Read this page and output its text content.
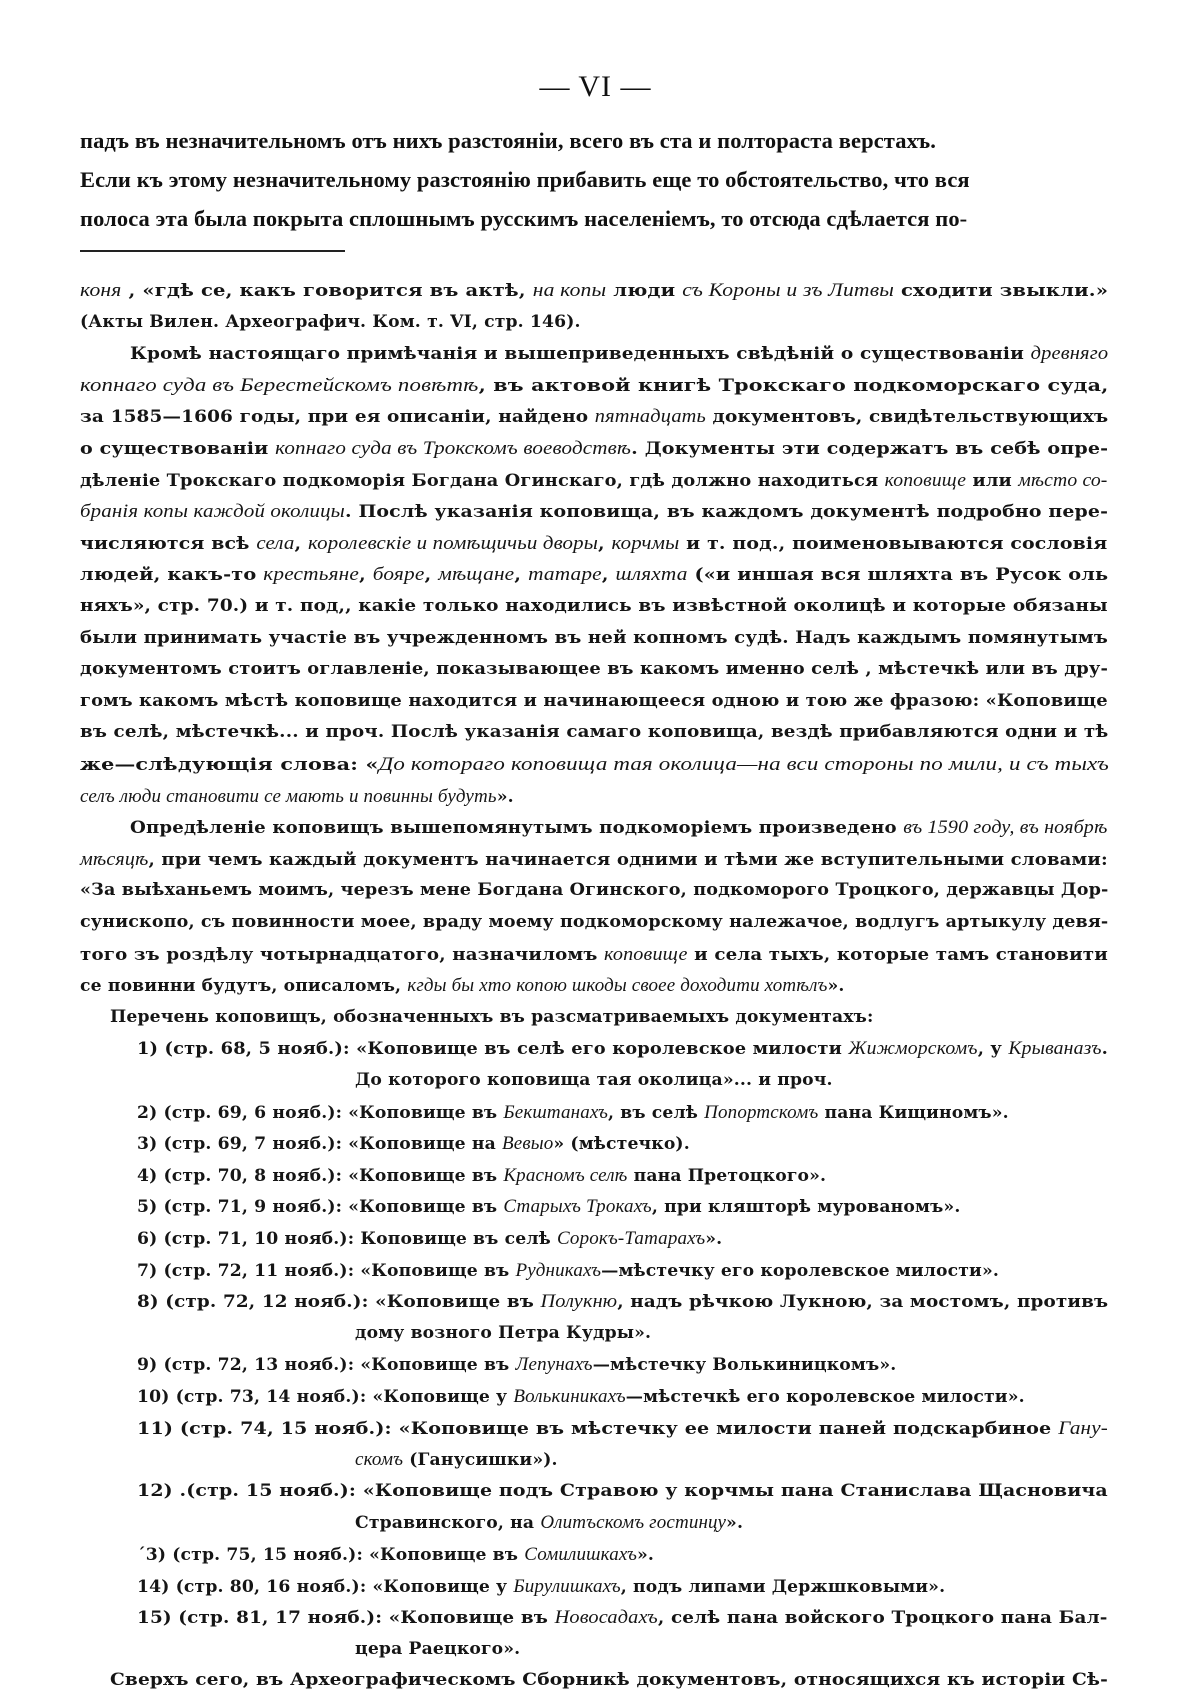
— VI —
падъ въ незначительномъ отъ нихъ разстояніи, всего въ ста и полтораста верстахъ.
Если къ этому незначительному разстоянію прибавить еще то обстоятельство, что вся
полоса эта была покрыта сплошнымъ русскимъ населеніемъ, то отсюда сдѣлается по-
коня , «гдѣ се, какъ говорится въ актѣ, на копы люди съ Короны и зъ Литвы сходити звыкли.»
(Акты Вилен. Археографич. Ком. т. VI, стр. 146).
Кромѣ настоящаго примѣчанія и вышеприведенныхъ свѣдѣній о существованіи древняго
копнаго суда въ Берестейскомъ повѣтѣ, въ актовой книгѣ Трокскаго подкоморскаго суда,
за 1585—1606 годы, при ея описаніи, найдено пятнадцать документовъ, свидѣтельствующихъ
о существованіи копнаго суда въ Трокскомъ воеводствѣ. Документы эти содержатъ въ себѣ опре-
дѣленіе Трокскаго подкоморія Богдана Огинскаго, гдѣ должно находиться коповище или мѣсто со-
бранія копы каждой околицы. Послѣ указанія коповища, въ каждомъ документѣ подробно пере-
числяются всѣ села, королевскіе и помѣщичьи дворы, корчмы и т. под., поименовываются сословія
людей, какъ-то крестьяне, бояре, мѣщане, татаре, шляхта («и иншая вся шляхта въ Русок оль
няхъ», стр. 70.) и т. под,, какіе только находились въ извѣстной околицѣ и которые обязаны
были принимать участіе въ учрежденномъ въ ней копномъ судѣ. Надъ каждымъ помянутымъ
документомъ стоитъ оглавленіе, показывающее въ какомъ именно селѣ , мѣстечкѣ или въ дру-
гомъ какомъ мѣстѣ коповище находится и начинающееся одною и тою же фразою: «Коповище
въ селѣ, мѣстечкѣ... и проч. Послѣ указанія самаго коповища, вездѣ прибавляются одни и тѣ
же—слѣдующія слова: «До котораго коповища тая околица—на вси стороны по мили, и съ тыхъ
селъ люди становити се мають и повинны будуть».
Опредѣленіе коповищъ вышепомянутымъ подкоморіемъ произведено въ 1590 году, въ ноябрѣ
мѣсяцѣ, при чемъ каждый документъ начинается одними и тѣми же вступительными словами:
«За выѣханьемъ моимъ, черезъ мене Богдана Огинского, подкоморого Троцкого, державцы Дор-
сунископо, съ повинности моее, враду моему подкоморскому належачое, водлугъ артыкулу девя-
того зъ роздѣлу чотырнадцатого, назначиломъ коповище и села тыхъ, которые тамъ становити
се повинни будутъ, описаломъ, кгды бы хто копою шкоды своее доходити хотѣлъ».
Перечень коповищъ, обозначенныхъ въ разсматриваемыхъ документахъ:
1) (стр. 68, 5 нояб.): «Коповище въ селѣ его королевское милости Жижморскомъ, у Крываназъ.
До которого коповища тая околица»... и проч.
2) (стр. 69, 6 нояб.): «Коповище въ Бекштанахъ, въ селѣ Попортскомъ пана Кищиномъ».
3) (стр. 69, 7 нояб.): «Коповище на Вевыо» (мѣстечко).
4) (стр. 70, 8 нояб.): «Коповище въ Красномъ селѣ пана Претоцкого».
5) (стр. 71, 9 нояб.): «Коповище въ Старыхъ Трокахъ, при кляшторѣ мурованомъ».
6) (стр. 71, 10 нояб.): Коповище въ селѣ Сорокъ-Татарахъ».
7) (стр. 72, 11 нояб.): «Коповище въ Рудникахъ—мѣстечку его королевское милости».
8) (стр. 72, 12 нояб.): «Коповище въ Полукню, надъ рѣчкою Лукною, за мостомъ, противъ
дому возного Петра Кудры».
9) (стр. 72, 13 нояб.): «Коповище въ Лепунахъ—мѣстечку Волькиницкомъ».
10) (стр. 73, 14 нояб.): «Коповище у Волькиникахъ—мѣстечкѣ его королевское милости».
11) (стр. 74, 15 нояб.): «Коповище въ мѣстечку ее милости паней подскарбиное Гану-
скомъ (Ганусишки»).
12) .(стр. 15 нояб.): «Коповище подъ Стравою у корчмы пана Станислава Щасновича
Стравинского, на Олитъскомъ гостинцу».
´3) (стр. 75, 15 нояб.): «Коповище въ Сомилишкахъ».
14) (стр. 80, 16 нояб.): «Коповище у Бирулишкахъ, подъ липами Держшковыми».
15) (стр. 81, 17 нояб.): «Коповище въ Новосадахъ, селѣ пана войского Троцкого пана Бал-
цера Раецкого».
Сверхъ сего, въ Археографическомъ Сборникѣ документовъ, относящихся къ исторіи Сѣ-
